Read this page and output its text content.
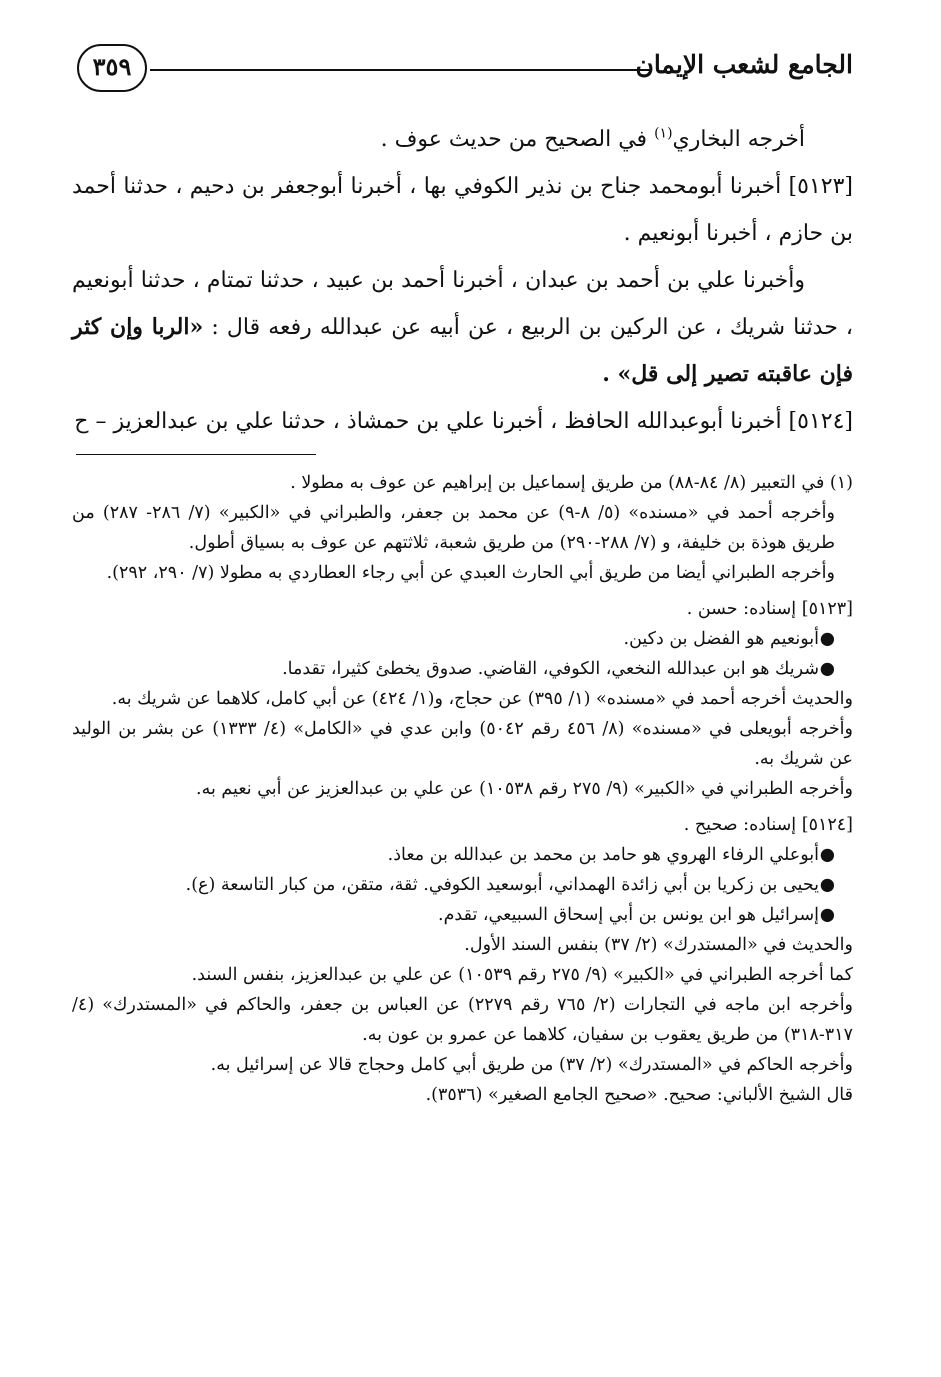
الجامع لشعب الإيمان
٣٥٩

أخرجه البخاري$^{(١)}$ في الصحيح من حديث عوف .

[٥١٢٣] أخبرنا أبومحمد جناح بن نذير الكوفي بها ، أخبرنا أبوجعفر بن دحيم ، حدثنا أحمد بن حازم ، أخبرنا أبونعيم .

وأخبرنا علي بن أحمد بن عبدان ، أخبرنا أحمد بن عبيد ، حدثنا تمتام ، حدثنا أبونعيم ، حدثنا شريك ، عن الركين بن الربيع ، عن أبيه عن عبدالله رفعه قال : «الربا وإن كثر فإن عاقبته تصير إلى قل» .

[٥١٢٤] أخبرنا أبوعبدالله الحافظ ، أخبرنا علي بن حمشاذ ، حدثنا علي بن عبدالعزيز – ح

(١) في التعبير (٨/ ٨٤-٨٨) من طريق إسماعيل بن إبراهيم عن عوف به مطولا .

وأخرجه أحمد في «مسنده» (٥/ ٨-٩) عن محمد بن جعفر، والطبراني في «الكبير» (٧/ ٢٨٦- ٢٨٧) من طريق هوذة بن خليفة، و (٧/ ٢٨٨-٢٩٠) من طريق شعبة، ثلاثتهم عن عوف به بسياق أطول.

وأخرجه الطبراني أيضا من طريق أبي الحارث العبدي عن أبي رجاء العطاردي به مطولا (٧/ ٢٩٠، ٢٩٢).

[٥١٢٣] إسناده: حسن .

●أبونعيم هو الفضل بن دكين.

●شريك هو ابن عبدالله النخعي، الكوفي، القاضي. صدوق يخطئ كثيرا، تقدما.

والحديث أخرجه أحمد في «مسنده» (١/ ٣٩٥) عن حجاج، و(١/ ٤٢٤) عن أبي كامل، كلاهما عن شريك به.

وأخرجه أبويعلى في «مسنده» (٨/ ٤٥٦ رقم ٥٠٤٢) وابن عدي في «الكامل» (٤/ ١٣٣٣) عن بشر بن الوليد عن شريك به.

وأخرجه الطبراني في «الكبير» (٩/ ٢٧٥ رقم ١٠٥٣٨) عن علي بن عبدالعزيز عن أبي نعيم به.

[٥١٢٤] إسناده: صحيح .

●أبوعلي الرفاء الهروي هو حامد بن محمد بن عبدالله بن معاذ.

●يحيى بن زكريا بن أبي زائدة الهمداني، أبوسعيد الكوفي. ثقة، متقن، من كبار التاسعة (ع).

●إسرائيل هو ابن يونس بن أبي إسحاق السبيعي، تقدم.

والحديث في «المستدرك» (٢/ ٣٧) بنفس السند الأول.

كما أخرجه الطبراني في «الكبير» (٩/ ٢٧٥ رقم ١٠٥٣٩) عن علي بن عبدالعزيز، بنفس السند.

وأخرجه ابن ماجه في التجارات (٢/ ٧٦٥ رقم ٢٢٧٩) عن العباس بن جعفر، والحاكم في «المستدرك» (٤/ ٣١٧-٣١٨) من طريق يعقوب بن سفيان، كلاهما عن عمرو بن عون به.

وأخرجه الحاكم في «المستدرك» (٢/ ٣٧) من طريق أبي كامل وحجاج قالا عن إسرائيل به.

قال الشيخ الألباني: صحيح. «صحيح الجامع الصغير» (٣٥٣٦).
